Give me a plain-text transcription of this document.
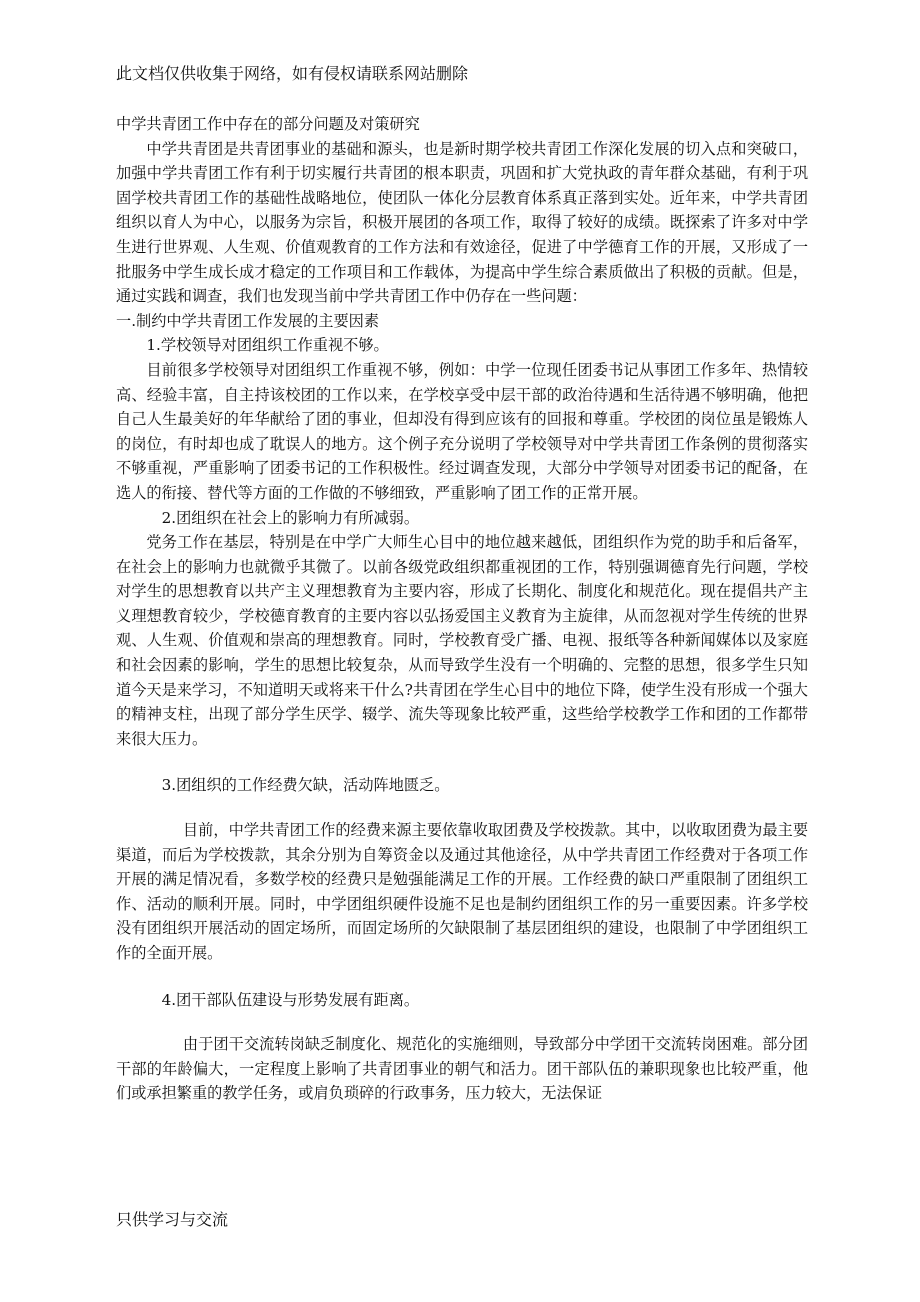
此文档仅供收集于网络，如有侵权请联系网站删除

中学共青团工作中存在的部分问题及对策研究

中学共青团是共青团事业的基础和源头，也是新时期学校共青团工作深化发展的切入点和突破口，加强中学共青团工作有利于切实履行共青团的根本职责，巩固和扩大党执政的青年群众基础，有利于巩固学校共青团工作的基础性战略地位，使团队一体化分层教育体系真正落到实处。近年来，中学共青团组织以育人为中心，以服务为宗旨，积极开展团的各项工作，取得了较好的成绩。既探索了许多对中学生进行世界观、人生观、价值观教育的工作方法和有效途径，促进了中学德育工作的开展，又形成了一批服务中学生成长成才稳定的工作项目和工作载体，为提高中学生综合素质做出了积极的贡献。但是，通过实践和调查，我们也发现当前中学共青团工作中仍存在一些问题：

一.制约中学共青团工作发展的主要因素

1.学校领导对团组织工作重视不够。

目前很多学校领导对团组织工作重视不够，例如：中学一位现任团委书记从事团工作多年、热情较高、经验丰富，自主持该校团的工作以来，在学校享受中层干部的政治待遇和生活待遇不够明确，他把自己人生最美好的年华献给了团的事业，但却没有得到应该有的回报和尊重。学校团的岗位虽是锻炼人的岗位，有时却也成了耽误人的地方。这个例子充分说明了学校领导对中学共青团工作条例的贯彻落实不够重视，严重影响了团委书记的工作积极性。经过调查发现，大部分中学领导对团委书记的配备，在选人的衔接、替代等方面的工作做的不够细致，严重影响了团工作的正常开展。

2.团组织在社会上的影响力有所减弱。

党务工作在基层，特别是在中学广大师生心目中的地位越来越低，团组织作为党的助手和后备军，在社会上的影响力也就微乎其微了。以前各级党政组织都重视团的工作，特别强调德育先行问题，学校对学生的思想教育以共产主义理想教育为主要内容，形成了长期化、制度化和规范化。现在提倡共产主义理想教育较少，学校德育教育的主要内容以弘扬爱国主义教育为主旋律，从而忽视对学生传统的世界观、人生观、价值观和崇高的理想教育。同时，学校教育受广播、电视、报纸等各种新闻媒体以及家庭和社会因素的影响，学生的思想比较复杂，从而导致学生没有一个明确的、完整的思想，很多学生只知道今天是来学习，不知道明天或将来干什么?共青团在学生心目中的地位下降，使学生没有形成一个强大的精神支柱，出现了部分学生厌学、辍学、流失等现象比较严重，这些给学校教学工作和团的工作都带来很大压力。

3.团组织的工作经费欠缺，活动阵地匮乏。

目前，中学共青团工作的经费来源主要依靠收取团费及学校拨款。其中，以收取团费为最主要渠道，而后为学校拨款，其余分别为自筹资金以及通过其他途径，从中学共青团工作经费对于各项工作开展的满足情况看，多数学校的经费只是勉强能满足工作的开展。工作经费的缺口严重限制了团组织工作、活动的顺利开展。同时，中学团组织硬件设施不足也是制约团组织工作的另一重要因素。许多学校没有团组织开展活动的固定场所，而固定场所的欠缺限制了基层团组织的建设，也限制了中学团组织工作的全面开展。

4.团干部队伍建设与形势发展有距离。

由于团干交流转岗缺乏制度化、规范化的实施细则，导致部分中学团干交流转岗困难。部分团干部的年龄偏大，一定程度上影响了共青团事业的朝气和活力。团干部队伍的兼职现象也比较严重，他们或承担繁重的教学任务，或肩负琐碎的行政事务，压力较大，无法保证

只供学习与交流
